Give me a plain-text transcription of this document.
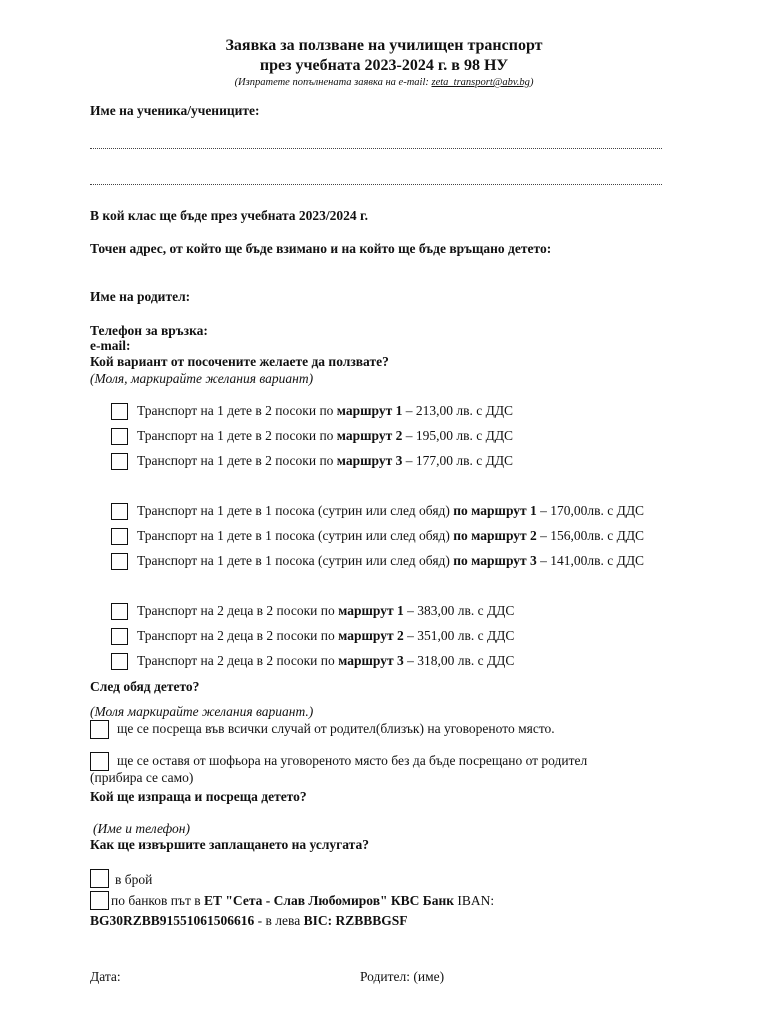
Заявка за ползване на училищен транспорт
през учебната 2023-2024 г. в 98 НУ
(Изпратете попълнената заявка на e-mail: zeta_transport@abv.bg)
Име на ученика/учениците:
В кой клас ще бъде през учебната 2023/2024 г.
Точен адрес, от който ще бъде взимано и на който ще бъде връщано детето:
Име на родител:
Телефон за връзка:
e-mail:
Кой вариант от посочените желаете да ползвате?
(Моля, маркирайте желания вариант)
Транспорт на 1 дете в 2 посоки по маршрут 1 – 213,00 лв. с ДДС
Транспорт на 1 дете в 2 посоки по маршрут 2 – 195,00 лв. с ДДС
Транспорт на 1 дете в 2 посоки по маршрут 3 – 177,00 лв. с ДДС
Транспорт на 1 дете в 1 посока (сутрин или след обяд) по маршрут 1 – 170,00лв. с ДДС
Транспорт на 1 дете в 1 посока (сутрин или след обяд) по маршрут 2 – 156,00лв. с ДДС
Транспорт на 1 дете в 1 посока (сутрин или след обяд) по маршрут 3 – 141,00лв. с ДДС
Транспорт на 2 деца в 2 посоки по маршрут 1 – 383,00 лв. с ДДС
Транспорт на 2 деца в 2 посоки по маршрут 2 – 351,00 лв. с ДДС
Транспорт на 2 деца в 2 посоки по маршрут 3 – 318,00 лв. с ДДС
След обяд детето?
(Моля маркирайте желания вариант.)
ще се посреща във всички случай от родител(близък) на уговореното място.
ще се оставя от шофьора на уговореното място без да бъде посрещано от родител
(прибира се само)
Кой ще изпраща и посреща детето?
(Име и телефон)
Как ще извършите заплащането на услугата?
в брой
по банков път в ЕТ "Сета - Слав Любомиров" КВС Банк IBAN:
BG30RZBB91551061506616 - в лева BIC: RZBBBGSF
Дата:	Родител: (име)
